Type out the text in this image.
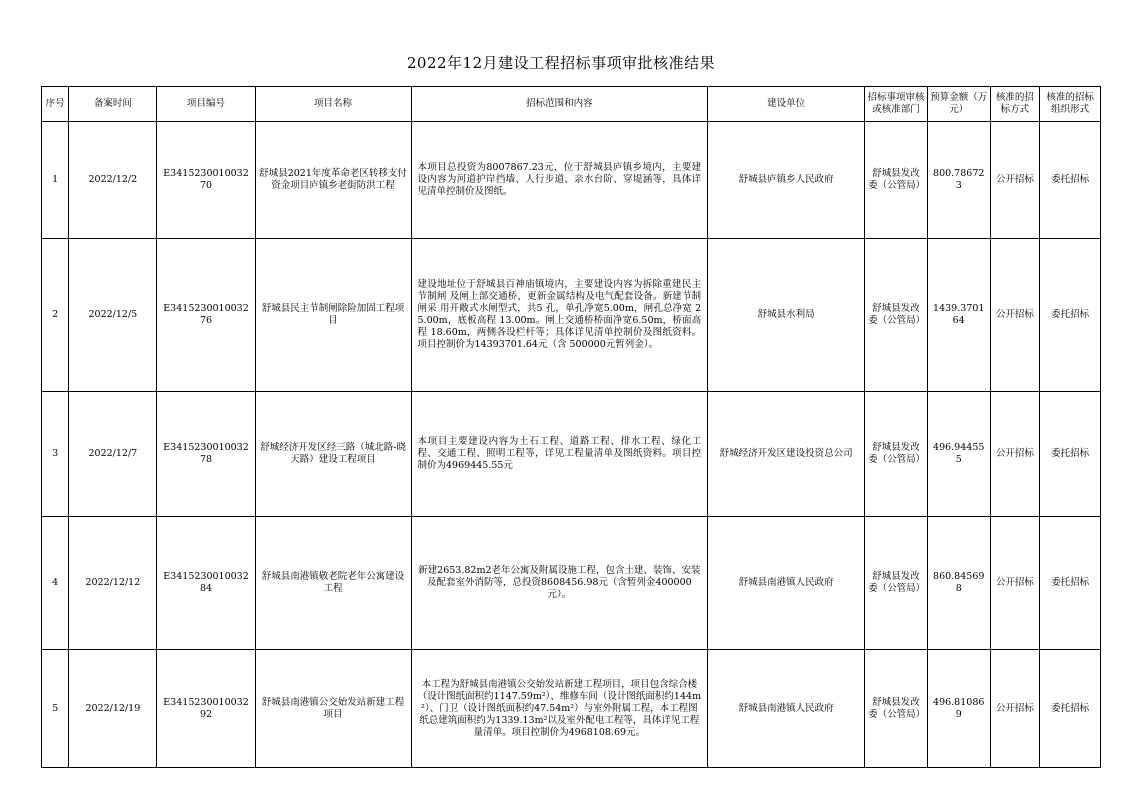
2022年12月建设工程招标事项审批核准结果
序号	备案时间	项目编号	项目名称	招标范围和内容	建设单位	招标事项审核或核准部门	预算金额（万元）	核准的招标方式	核准的招标组织形式
1	2022/12/2	E341523001003270	舒城县2021年度革命老区转移支付资金项目庐镇乡老街防洪工程	本项目总投资为8007867.23元，位于舒城县庐镇乡境内，主要建设内容为河道护岸挡墙、人行步道、亲水台阶、穿堤涵等，具体详见清单控制价及图纸。	舒城县庐镇乡人民政府	舒城县发改委（公管局）	800.786723	公开招标	委托招标
2	2022/12/5	E341523001003276	舒城县民主节制闸除险加固工程项目	建设地址位于舒城县百神庙镇境内，主要建设内容为拆除重建民主节制闸 及闸上部交通桥，更新金属结构及电气配套设备。新建节制闸采 用开敞式水闸型式，共5 孔，单孔净宽5.00m，闸孔总净宽 25.00m，底板高程 13.00m。闸上交通桥桥面净宽6.50m，桥面高程 18.60m，两侧各设栏杆等；具体详见清单控制价及图纸资料。项目控制价为14393701.64元（含 500000元暂列金）。	舒城县水利局	舒城县发改委（公管局）	1439.370164	公开招标	委托招标
3	2022/12/7	E341523001003278	舒城经济开发区经三路（城北路-晓天路）建设工程项目	本项目主要建设内容为土石工程、道路工程、排水工程、绿化工程、交通工程、照明工程等，详见工程量清单及图纸资料。项目控制价为4969445.55元	舒城经济开发区建设投资总公司	舒城县发改委（公管局）	496.944555	公开招标	委托招标
4	2022/12/12	E341523001003284	舒城县南港镇敬老院老年公寓建设工程	新建2653.82m2老年公寓及附属设施工程，包含土建、装饰、安装及配套室外消防等，总投资8608456.98元（含暂列金400000元）。	舒城县南港镇人民政府	舒城县发改委（公管局）	860.845698	公开招标	委托招标
5	2022/12/19	E341523001003292	舒城县南港镇公交始发站新建工程项目	本工程为舒城县南港镇公交始发站新建工程项目，项目包含综合楼（设计图纸面积约1147.59m²）、维修车间（设计图纸面积约144m²）、门卫（设计图纸面积约47.54m²）与室外附属工程，本工程图纸总建筑面积约为1339.13m²以及室外配电工程等，具体详见工程量清单。项目控制价为4968108.69元。	舒城县南港镇人民政府	舒城县发改委（公管局）	496.810869	公开招标	委托招标
